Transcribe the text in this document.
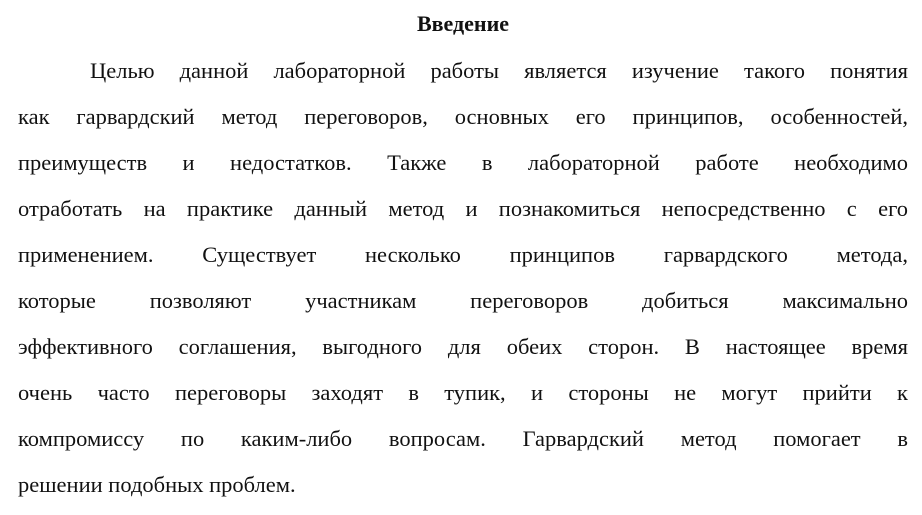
Введение
Целью данной лабораторной работы является изучение такого понятия
как гарвардский метод переговоров, основных его принципов, особенностей,
преимуществ и недостатков. Также в лабораторной работе необходимо
отработать на практике данный метод и познакомиться непосредственно с его
применением. Существует несколько принципов гарвардского метода,
которые позволяют участникам переговоров добиться максимально
эффективного соглашения, выгодного для обеих сторон. В настоящее время
очень часто переговоры заходят в тупик, и стороны не могут прийти к
компромиссу по каким-либо вопросам. Гарвардский метод помогает в
решении подобных проблем.
